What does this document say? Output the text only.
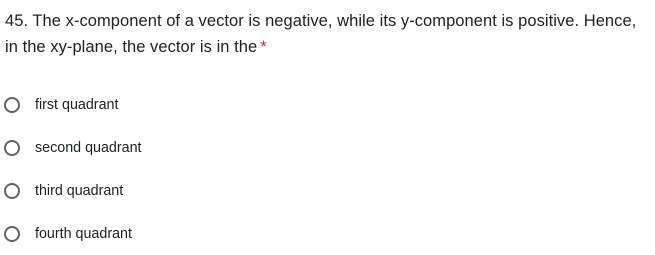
45. The x-component of a vector is negative, while its y-component is positive. Hence, in the xy-plane, the vector is in the *
first quadrant
second quadrant
third quadrant
fourth quadrant
